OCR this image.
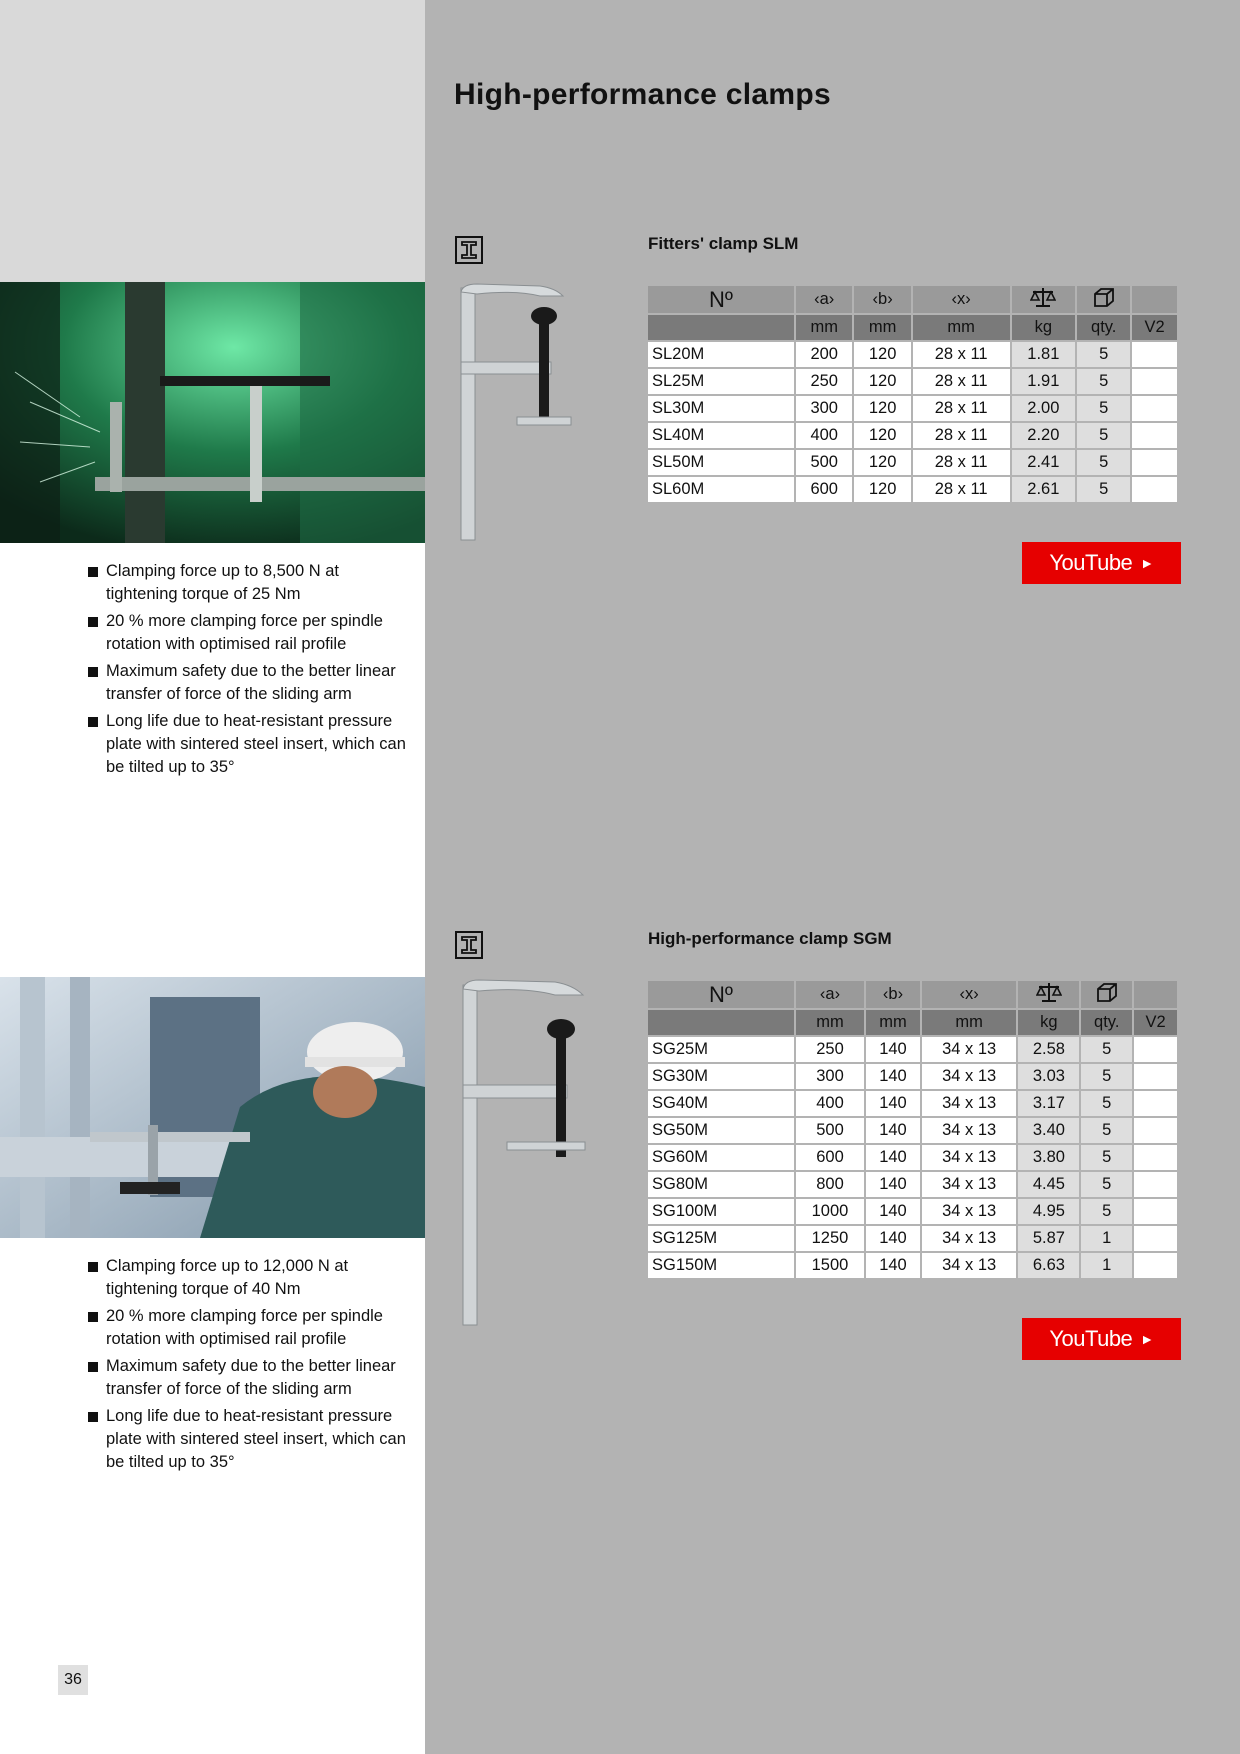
High-performance clamps
Clamping force up to 8,500 N at tightening torque of 25 Nm
20 % more clamping force per spindle rotation with optimised rail profile
Maximum safety due to the better linear transfer of force of the sliding arm
Long life due to heat-resistant pressure plate with sintered steel insert, which can be tilted up to 35°
Clamping force up to 12,000 N at tightening torque of 40 Nm
20 % more clamping force per spindle rotation with optimised rail profile
Maximum safety due to the better linear transfer of force of the sliding arm
Long life due to heat-resistant pressure plate with sintered steel insert, which can be tilted up to 35°
Fitters' clamp SLM
Nº	‹a›	‹b›	‹x›			
	mm	mm	mm	kg	qty.	V2
SL20M	200	120	28 x 11	1.81	5	
SL25M	250	120	28 x 11	1.91	5	
SL30M	300	120	28 x 11	2.00	5	
SL40M	400	120	28 x 11	2.20	5	
SL50M	500	120	28 x 11	2.41	5	
SL60M	600	120	28 x 11	2.61	5	
YouTube ►
High-performance clamp SGM
Nº	‹a›	‹b›	‹x›			
	mm	mm	mm	kg	qty.	V2
SG25M	250	140	34 x 13	2.58	5	
SG30M	300	140	34 x 13	3.03	5	
SG40M	400	140	34 x 13	3.17	5	
SG50M	500	140	34 x 13	3.40	5	
SG60M	600	140	34 x 13	3.80	5	
SG80M	800	140	34 x 13	4.45	5	
SG100M	1000	140	34 x 13	4.95	5	
SG125M	1250	140	34 x 13	5.87	1	
SG150M	1500	140	34 x 13	6.63	1	
YouTube ►
36
